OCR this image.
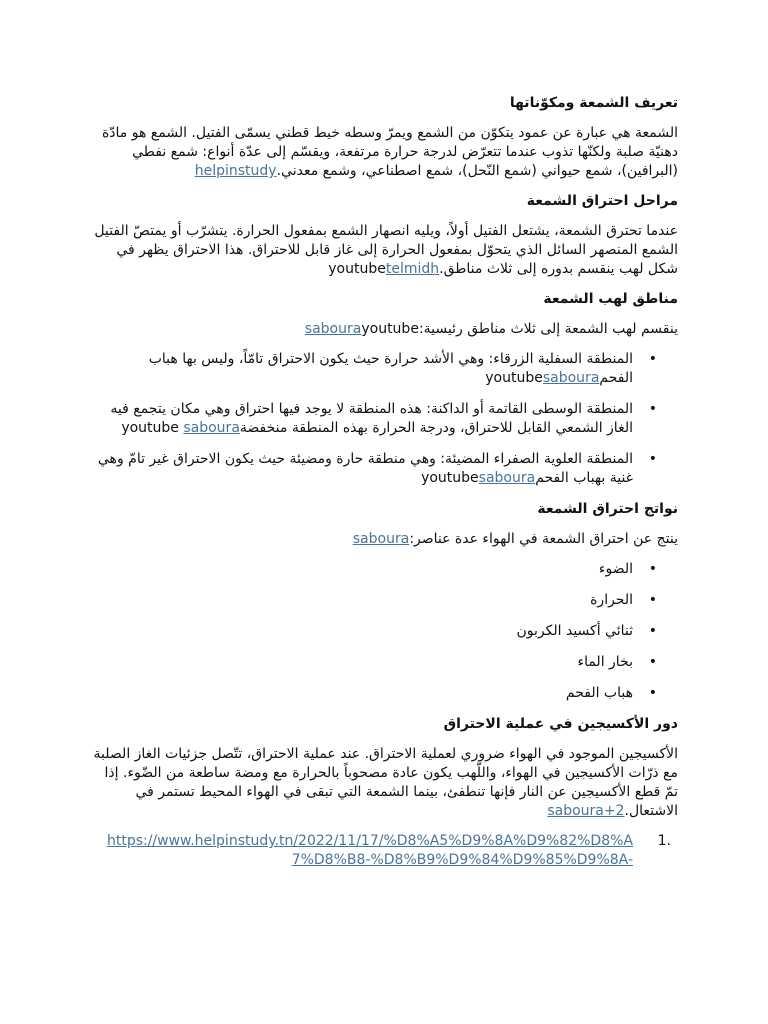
تعريف الشمعة ومكوّناتها

الشمعة هي عبارة عن عمود يتكوّن من الشمع ويمرّ وسطه خيط قطني يسمّى الفتيل. الشمع هو مادّة دهنيّة صلبة ولكنّها تذوب عندما تتعرّض لدرجة حرارة مرتفعة، ويقسّم إلى عدّة أنواع: شمع نفطي (البرافين)، شمع حيواني (شمع النّحل)، شمع اصطناعي، وشمع معدني.helpinstudy

مراحل احتراق الشمعة

عندما تحترق الشمعة، يشتعل الفتيل أولاً، ويليه انصهار الشمع بمفعول الحرارة. يتشرّب أو يمتصّ الفتيل الشمع المنصهر السائل الذي يتحوّل بمفعول الحرارة إلى غاز قابل للاحتراق. هذا الاحتراق يظهر في شكل لهب ينقسم بدوره إلى ثلاث مناطق.youtubetelmidh

مناطق لهب الشمعة

ينقسم لهب الشمعة إلى ثلاث مناطق رئيسية:sabourayoutube

•
المنطقة السفلية الزرقاء: وهي الأشد حرارة حيث يكون الاحتراق تامّاً، وليس بها هباب الفحمyoutubesaboura
•
المنطقة الوسطى القاتمة أو الداكنة: هذه المنطقة لا يوجد فيها احتراق وهي مكان يتجمع فيه الغاز الشمعي القابل للاحتراق، ودرجة الحرارة بهذه المنطقة منخفضةyoutube saboura
•
المنطقة العلوية الصفراء المضيئة: وهي منطقة حارة ومضيئة حيث يكون الاحتراق غير تامّ وهي غنية بهباب الفحمyoutubesaboura
نواتج احتراق الشمعة

ينتج عن احتراق الشمعة في الهواء عدة عناصر:saboura

•
الضوء
•
الحرارة
•
ثنائي أكسيد الكربون
•
بخار الماء
•
هباب الفحم
دور الأكسيجين في عملية الاحتراق

الأكسيجين الموجود في الهواء ضروري لعملية الاحتراق. عند عملية الاحتراق، تتّصل جزئيات الغاز الصلبة مع ذرّات الأكسيجين في الهواء، واللّهب يكون عادة مصحوباً بالحرارة مع ومضة ساطعة من الضّوء. إذا تمّ قطع الأكسيجين عن النار فإنها تنطفئ، بينما الشمعة التي تبقى في الهواء المحيط تستمر في الاشتعال.saboura+2

1.
https://www.helpinstudy.tn/2022/11/17/%D8%A5%D9%8A%D9%82%D8%A7%D8%B8-%D8%B9%D9%84%D9%85%D9%8A-
